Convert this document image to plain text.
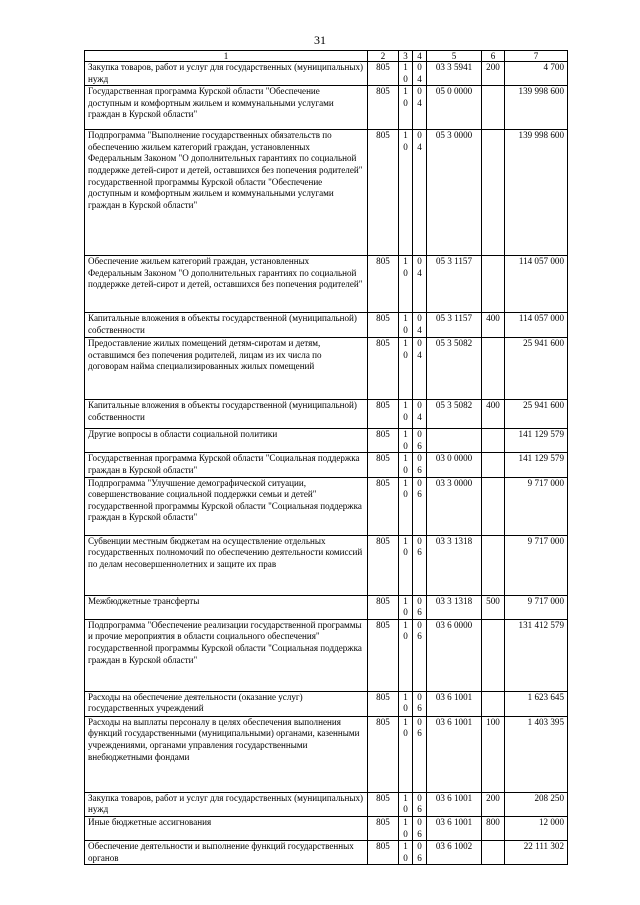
31
1	2	3	4	5	6	7
Закупка товаров, работ и услуг для государственных (муниципальных) нужд	805	10	04	03 3 5941	200	4 700
Государственная программа Курской области "Обеспечение доступным и комфортным жильем и коммунальными услугами граждан в Курской области"	805	10	04	05 0 0000		139 998 600
Подпрограмма "Выполнение государственных обязательств по обеспечению жильем категорий граждан, установленных Федеральным Законом "О дополнительных гарантиях по социальной поддержке детей-сирот и детей, оставшихся без попечения родителей" государственной программы Курской области "Обеспечение доступным и комфортным жильем и коммунальными услугами граждан в Курской области"	805	10	04	05 3 0000		139 998 600
Обеспечение жильем категорий граждан, установленных Федеральным Законом "О дополнительных гарантиях по социальной поддержке детей-сирот и детей, оставшихся без попечения родителей"	805	10	04	05 3 1157		114 057 000
Капитальные вложения в объекты государственной (муниципальной) собственности	805	10	04	05 3 1157	400	114 057 000
Предоставление жилых помещений детям-сиротам и детям, оставшимся без попечения родителей, лицам из их числа по договорам найма специализированных жилых помещений	805	10	04	05 3 5082		25 941 600
Капитальные вложения в объекты государственной (муниципальной) собственности	805	10	04	05 3 5082	400	25 941 600
Другие вопросы в области социальной политики	805	10	06			141 129 579
Государственная программа Курской области "Социальная поддержка граждан в Курской области"	805	10	06	03 0 0000		141 129 579
Подпрограмма "Улучшение демографической ситуации, совершенствование социальной поддержки семьи и детей" государственной программы Курской области "Социальная поддержка граждан в Курской области"	805	10	06	03 3 0000		9 717 000
Субвенции местным бюджетам на осуществление отдельных государственных полномочий по обеспечению деятельности комиссий по делам несовершеннолетних и защите их прав	805	10	06	03 3 1318		9 717 000
Межбюджетные трансферты	805	10	06	03 3 1318	500	9 717 000
Подпрограмма "Обеспечение реализации государственной программы и прочие мероприятия в области социального обеспечения" государственной программы Курской области "Социальная поддержка граждан в Курской области"	805	10	06	03 6 0000		131 412 579
Расходы на обеспечение деятельности (оказание услуг) государственных учреждений	805	10	06	03 6 1001		1 623 645
Расходы на выплаты персоналу в целях обеспечения выполнения функций государственными (муниципальными) органами, казенными учреждениями, органами управления государственными внебюджетными фондами	805	10	06	03 6 1001	100	1 403 395
Закупка товаров, работ и услуг для государственных (муниципальных) нужд	805	10	06	03 6 1001	200	208 250
Иные бюджетные ассигнования	805	10	06	03 6 1001	800	12 000
Обеспечение деятельности и выполнение функций государственных органов	805	10	06	03 6 1002		22 111 302
